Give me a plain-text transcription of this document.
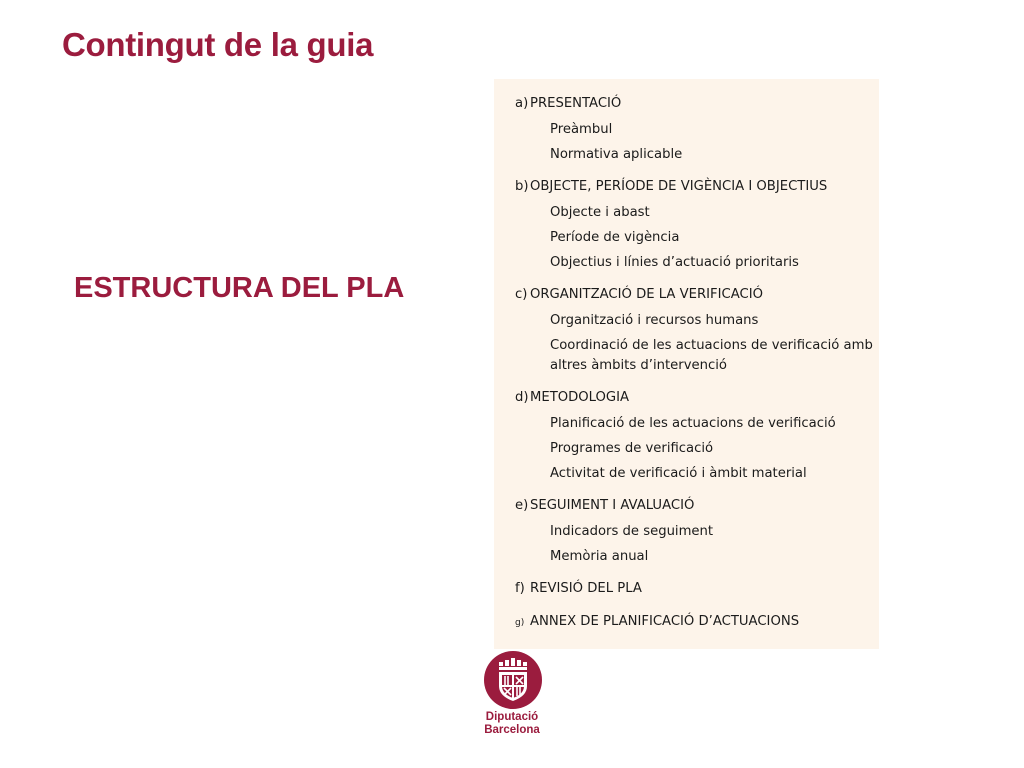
Contingut de la guia
ESTRUCTURA DEL PLA
a) PRESENTACIÓ
Preàmbul
Normativa aplicable
b)OBJECTE, PERÍODE DE VIGÈNCIA I OBJECTIUS
Objecte i abast
Període de vigència
Objectius i línies d’actuació prioritaris
c) ORGANITZACIÓ DE LA VERIFICACIÓ
Organització i recursos humans
Coordinació de les actuacions de verificació amb altres àmbits d’intervenció
d)METODOLOGIA
Planificació de les actuacions de verificació
Programes de verificació
Activitat de verificació i àmbit material
e) SEGUIMENT I AVALUACIÓ
Indicadors de seguiment
Memòria anual
f) REVISIÓ DEL PLA
g) ANNEX DE PLANIFICACIÓ D’ACTUACIONS
Diputació
Barcelona
